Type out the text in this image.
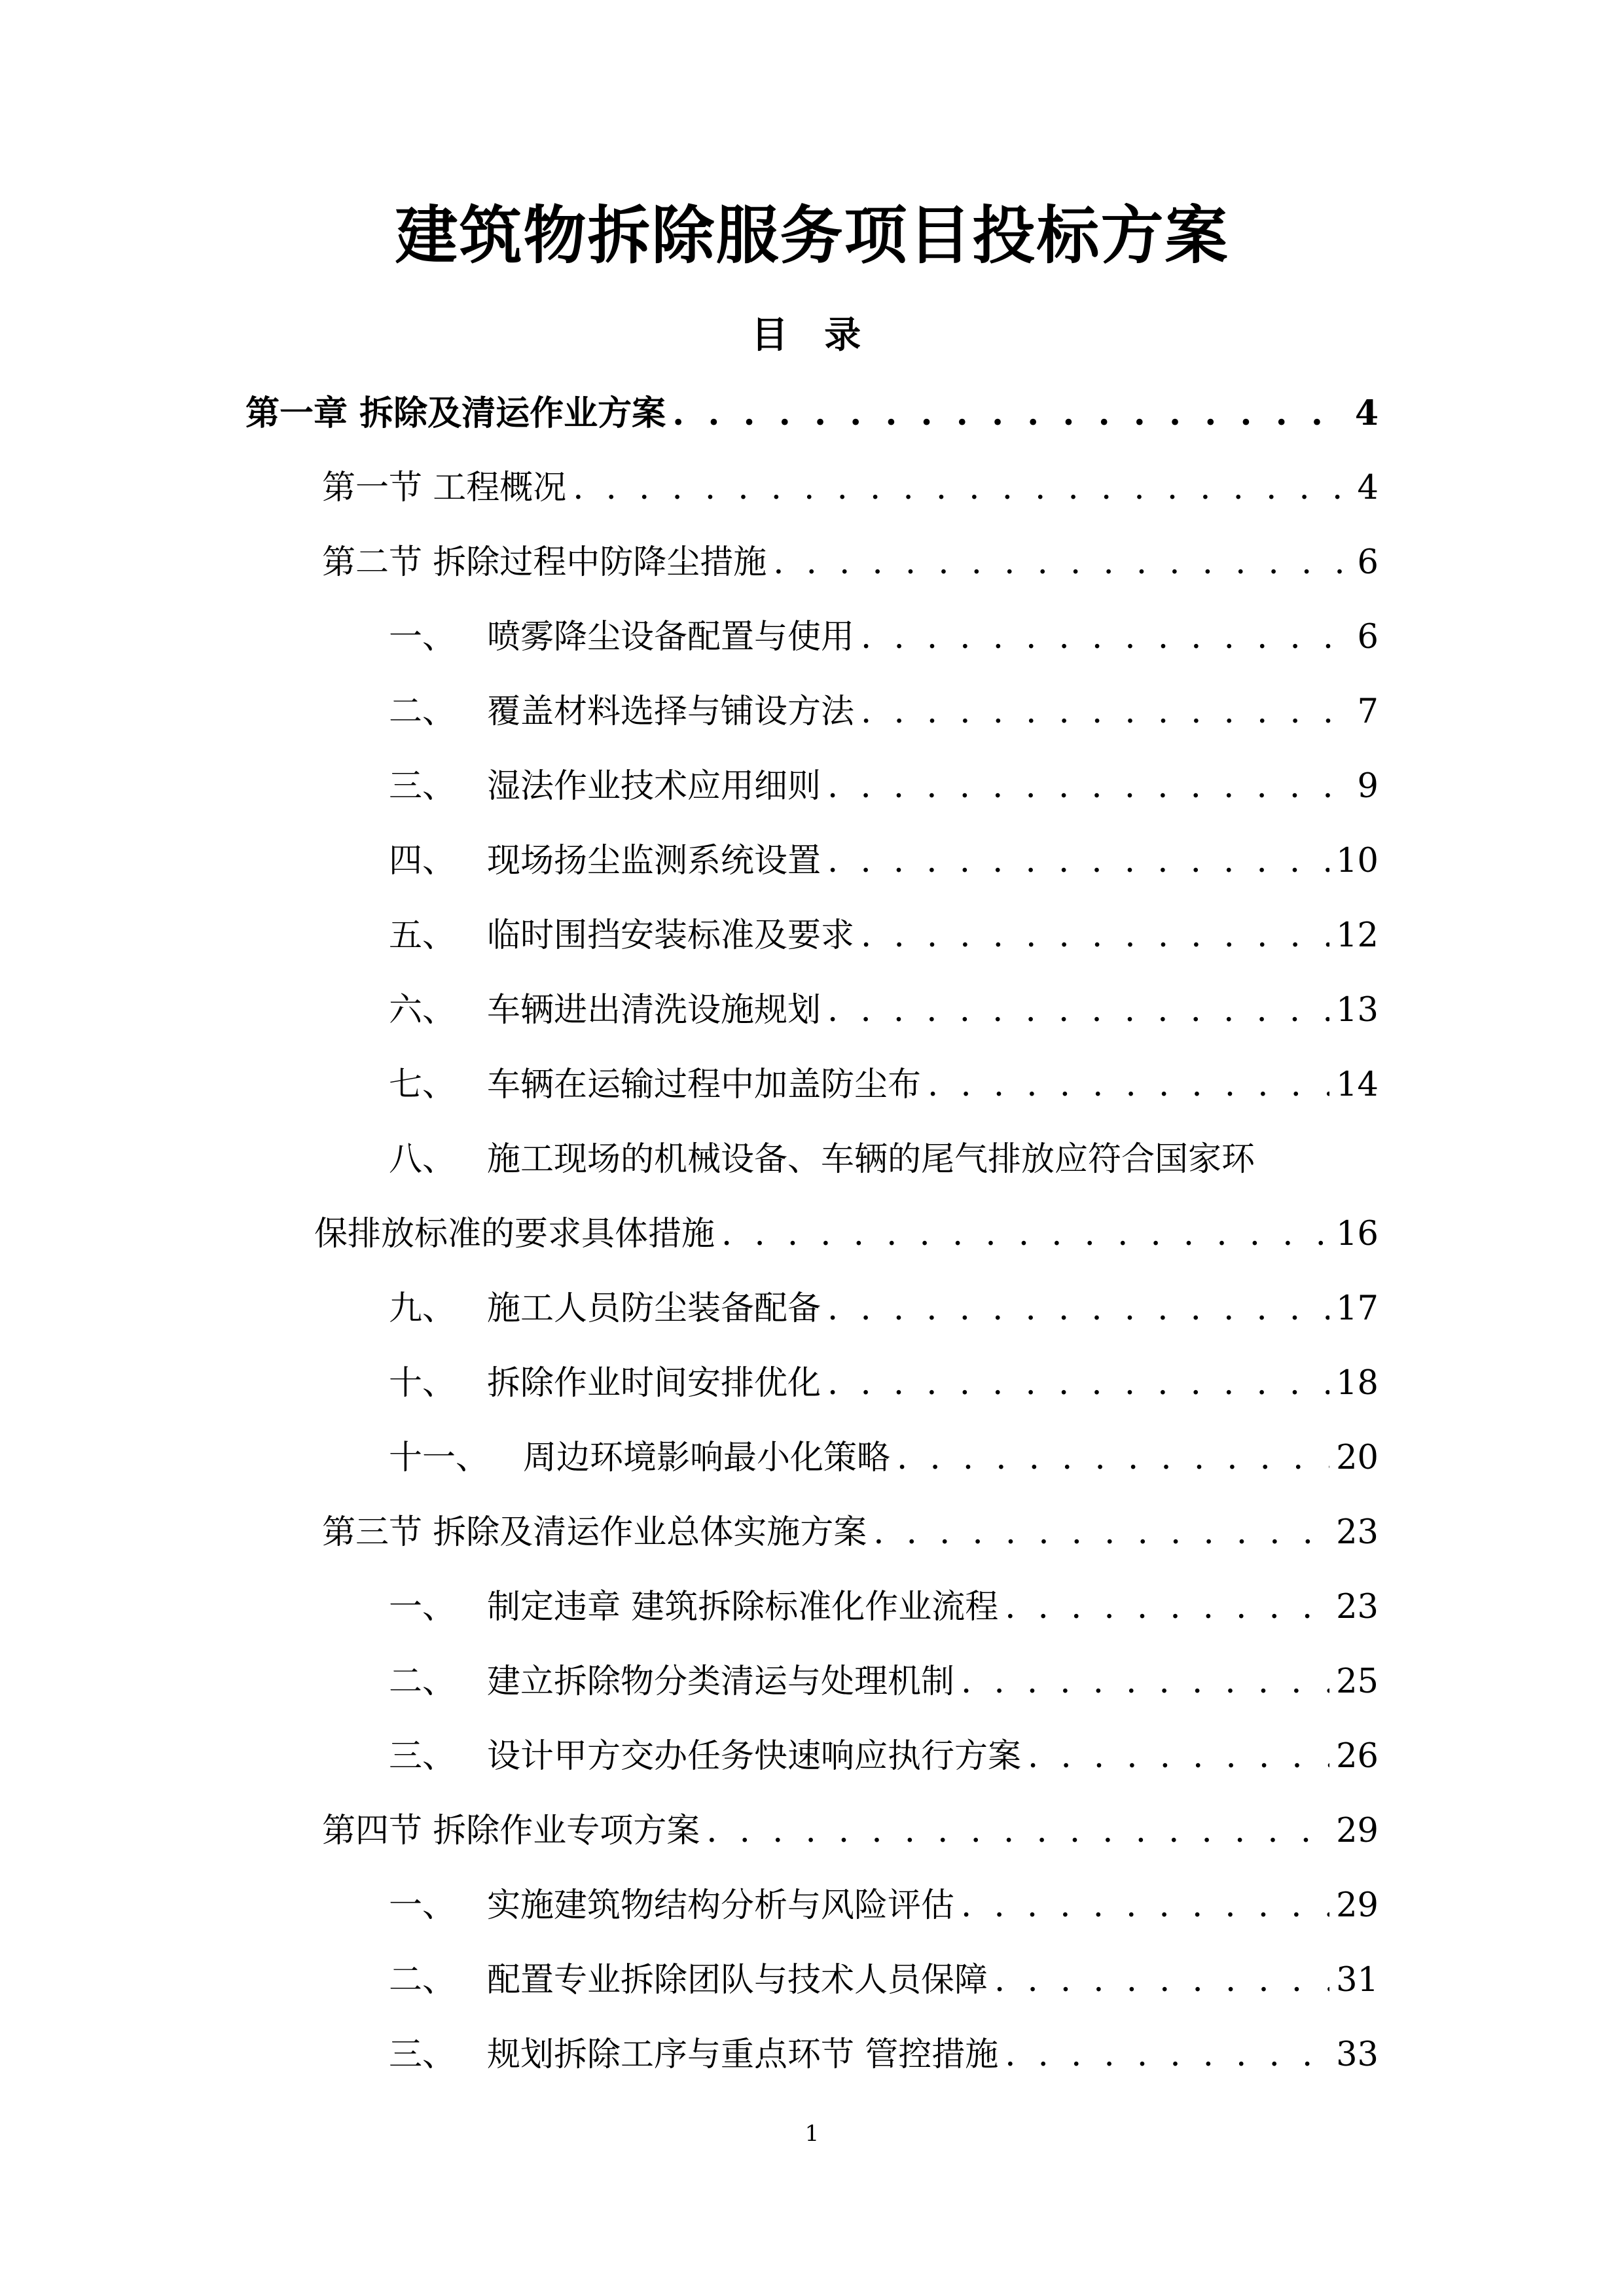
建筑物拆除服务项目投标方案
目 录
第一章 拆除及清运作业方案 . . .	4
第一节 工程概况 . . .	4
第二节 拆除过程中防降尘措施 . . .	6
一、 喷雾降尘设备配置与使用 . . .	6
二、 覆盖材料选择与铺设方法 . . .	7
三、 湿法作业技术应用细则 . . .	9
四、 现场扬尘监测系统设置 . . .	10
五、 临时围挡安装标准及要求 . . .	12
六、 车辆进出清洗设施规划 . . .	13
七、 车辆在运输过程中加盖防尘布 . . .	14
八、 施工现场的机械设备、车辆的尾气排放应符合国家环
保排放标准的要求具体措施 . . .	16
九、 施工人员防尘装备配备 . . .	17
十、 拆除作业时间安排优化 . . .	18
十一、	周边环境影响最小化策略 . . .	20
第三节 拆除及清运作业总体实施方案 . . .	23
一、 制定违章 建筑拆除标准化作业流程 . . .	23
二、 建立拆除物分类清运与处理机制 . . .	25
三、 设计甲方交办任务快速响应执行方案 . . .	26
第四节 拆除作业专项方案 . . .	29
一、 实施建筑物结构分析与风险评估 . . .	29
二、 配置专业拆除团队与技术人员保障 . . .	31
三、 规划拆除工序与重点环节 管控措施 . . .	33
1
